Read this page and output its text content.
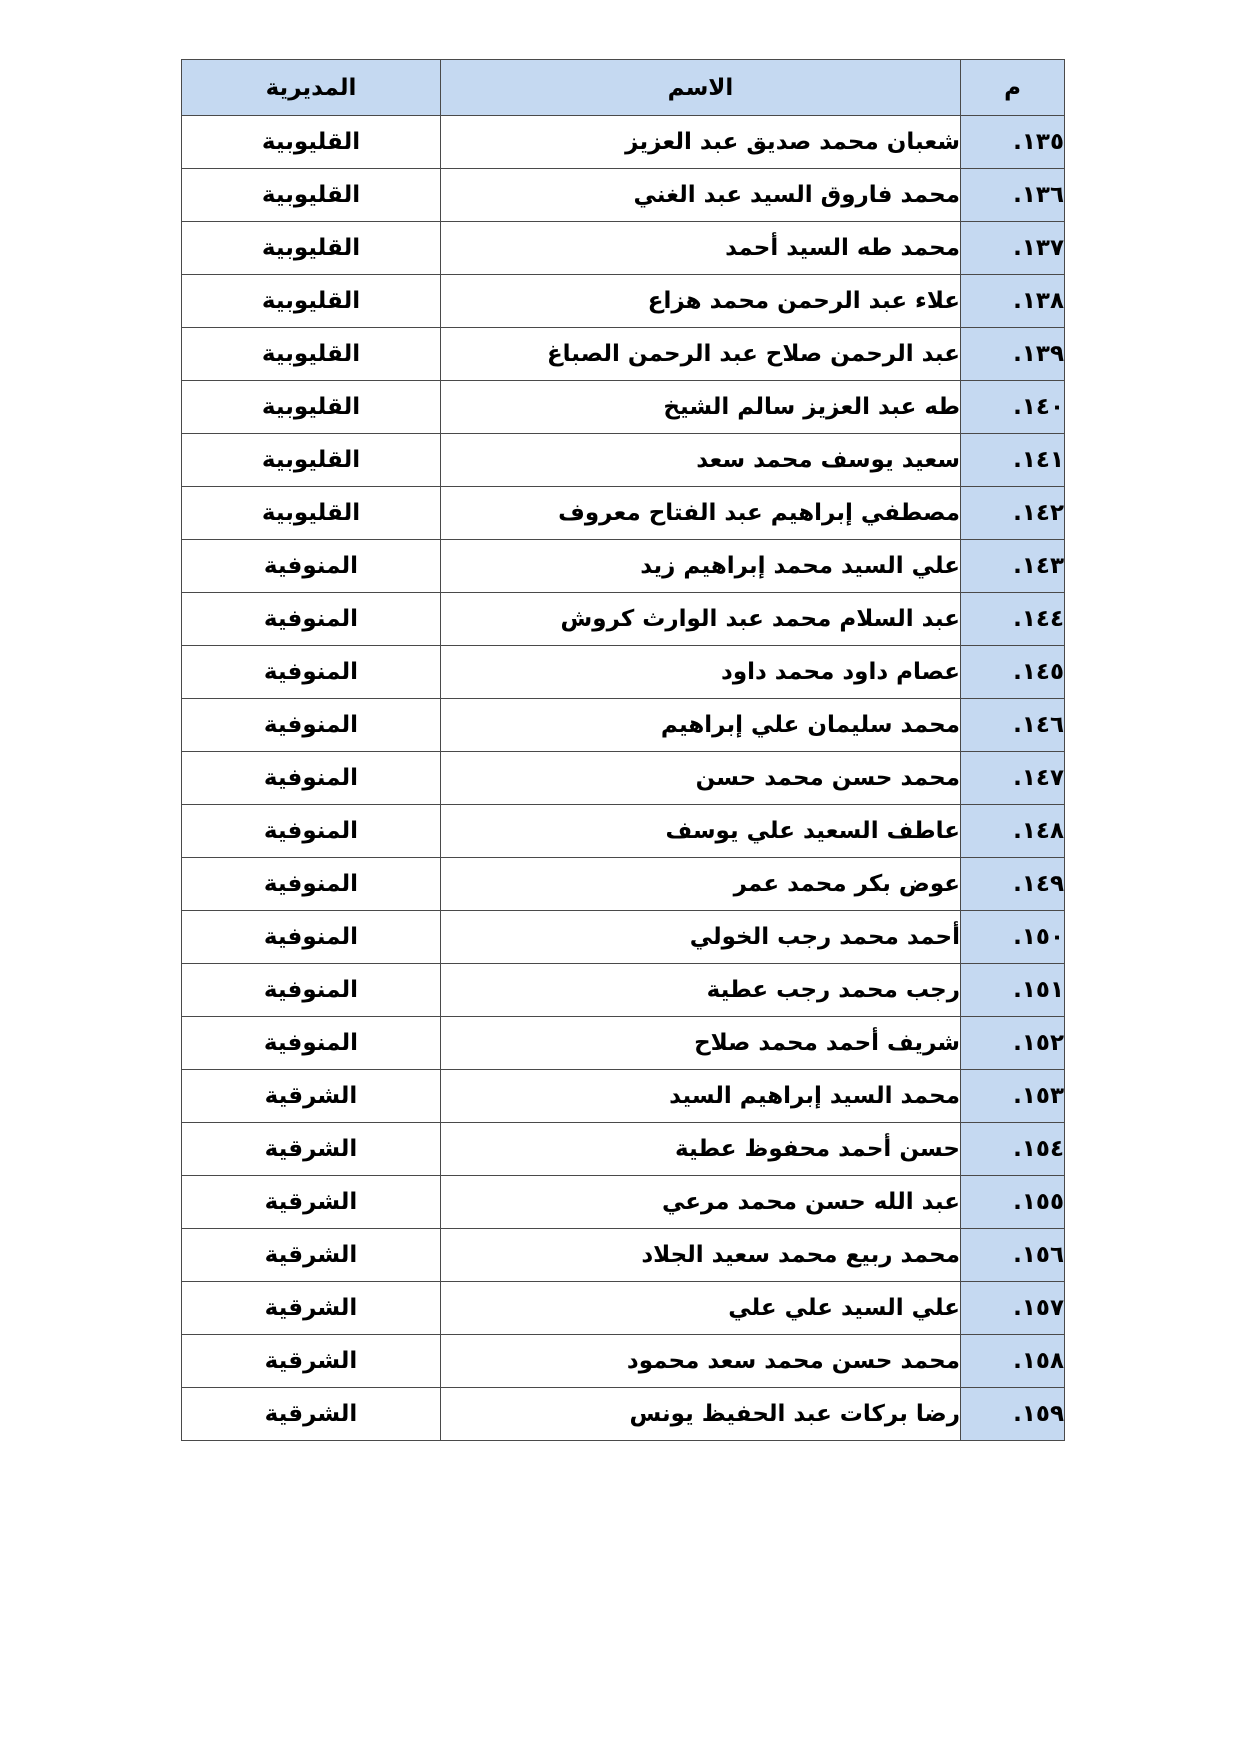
م	الاسم	المديرية
١٣٥.	شعبان محمد صديق عبد العزيز	القليوبية
١٣٦.	محمد فاروق السيد عبد الغني	القليوبية
١٣٧.	محمد طه السيد أحمد	القليوبية
١٣٨.	علاء عبد الرحمن محمد هزاع	القليوبية
١٣٩.	عبد الرحمن صلاح عبد الرحمن الصباغ	القليوبية
١٤٠.	طه عبد العزيز سالم الشيخ	القليوبية
١٤١.	سعيد يوسف محمد سعد	القليوبية
١٤٢.	مصطفي إبراهيم عبد الفتاح معروف	القليوبية
١٤٣.	علي السيد محمد إبراهيم زيد	المنوفية
١٤٤.	عبد السلام محمد عبد الوارث كروش	المنوفية
١٤٥.	عصام داود محمد داود	المنوفية
١٤٦.	محمد سليمان علي إبراهيم	المنوفية
١٤٧.	محمد حسن محمد حسن	المنوفية
١٤٨.	عاطف السعيد علي يوسف	المنوفية
١٤٩.	عوض بكر محمد عمر	المنوفية
١٥٠.	أحمد محمد رجب الخولي	المنوفية
١٥١.	رجب محمد رجب عطية	المنوفية
١٥٢.	شريف أحمد محمد صلاح	المنوفية
١٥٣.	محمد السيد إبراهيم السيد	الشرقية
١٥٤.	حسن أحمد محفوظ عطية	الشرقية
١٥٥.	عبد الله حسن محمد مرعي	الشرقية
١٥٦.	محمد ربيع محمد سعيد الجلاد	الشرقية
١٥٧.	علي السيد علي علي	الشرقية
١٥٨.	محمد حسن محمد سعد محمود	الشرقية
١٥٩.	رضا بركات عبد الحفيظ يونس	الشرقية
